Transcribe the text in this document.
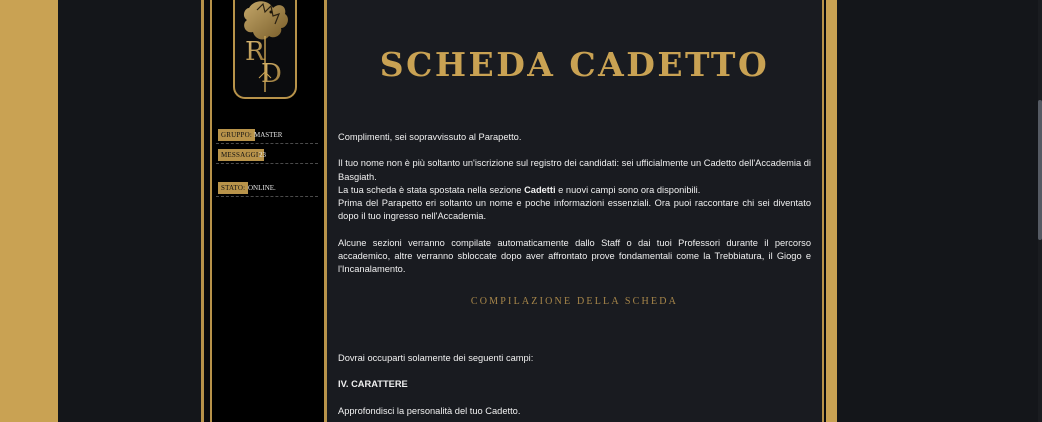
R
D
GRUPPO: MASTER
MESSAGGI:
23
STATO: ONLINE.
SCHEDA CADETTO

Complimenti, sei sopravvissuto al Parapetto.

Il tuo nome non è più soltanto un'iscrizione sul registro dei candidati: sei ufficialmente un Cadetto dell'Accademia di Basgiath.

La tua scheda è stata spostata nella sezione Cadetti e nuovi campi sono ora disponibili.

Prima del Parapetto eri soltanto un nome e poche informazioni essenziali. Ora puoi raccontare chi sei diventato dopo il tuo ingresso nell'Accademia.

Alcune sezioni verranno compilate automaticamente dallo Staff o dai tuoi Professori durante il percorso accademico, altre verranno sbloccate dopo aver affrontato prove fondamentali come la Trebbiatura, il Giogo e l'Incanalamento.

COMPILAZIONE DELLA SCHEDA
Dovrai occuparti solamente dei seguenti campi:
IV. CARATTERE
Approfondisci la personalità del tuo Cadetto.
